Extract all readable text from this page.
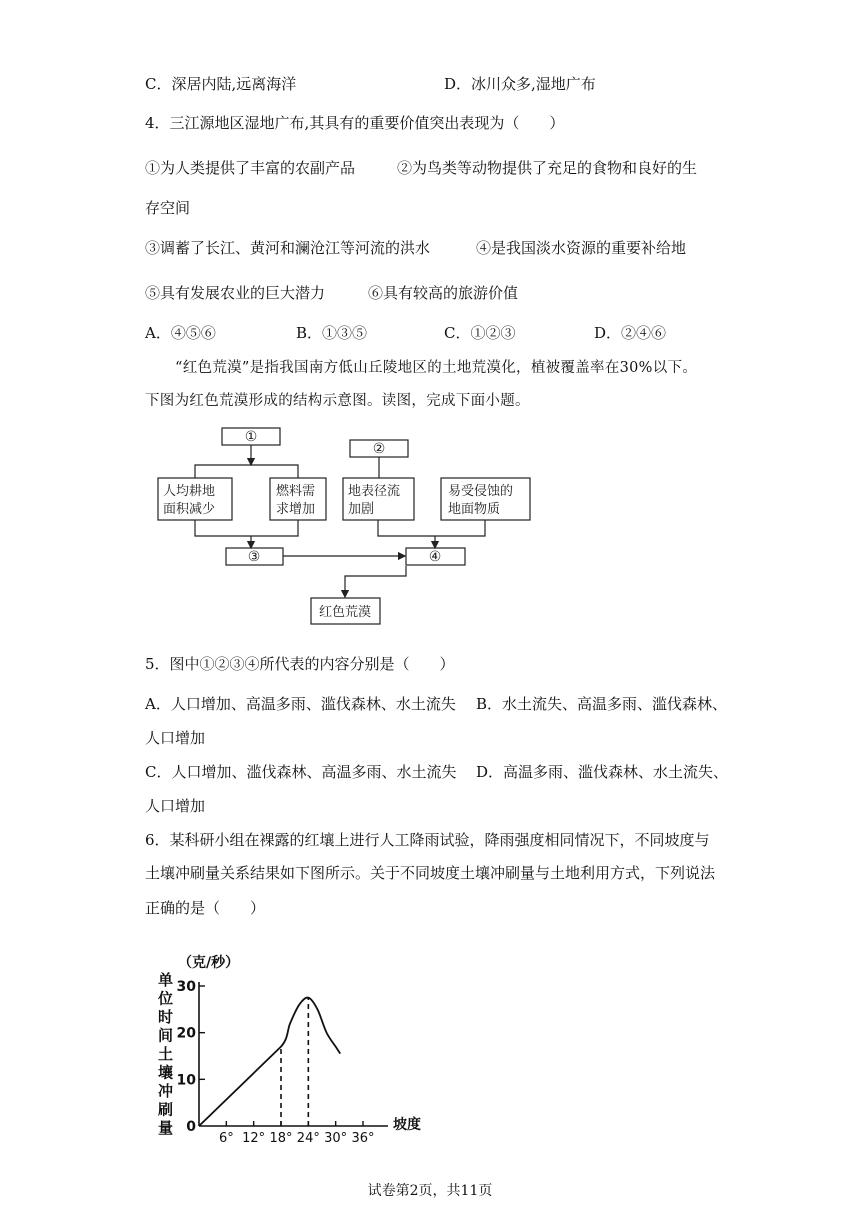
C．深居内陆,远离海洋	D．冰川众多,湿地广布
4．三江源地区湿地广布,其具有的重要价值突出表现为（　　）
①为人类提供了丰富的农副产品	②为鸟类等动物提供了充足的食物和良好的生
存空间
③调蓄了长江、黄河和澜沧江等河流的洪水	④是我国淡水资源的重要补给地
⑤具有发展农业的巨大潜力	⑥具有较高的旅游价值
A．④⑤⑥	B．①③⑤	C．①②③	D．②④⑥
“红色荒漠”是指我国南方低山丘陵地区的土地荒漠化，植被覆盖率在30%以下。
下图为红色荒漠形成的结构示意图。读图，完成下面小题。
①
②
③	④
人均耕地
面积减少
燃料需
求增加
地表径流
加剧
易受侵蚀的
地面物质
红色荒漠
5．图中①②③④所代表的内容分别是（　　）
A．人口增加、高温多雨、滥伐森林、水土流失 B．水土流失、高温多雨、滥伐森林、
人口增加
C．人口增加、滥伐森林、高温多雨、水土流失 D．高温多雨、滥伐森林、水土流失、
人口增加
6．某科研小组在裸露的红壤上进行人工降雨试验，降雨强度相同情况下，不同坡度与
土壤冲刷量关系结果如下图所示。关于不同坡度土壤冲刷量与土地利用方式，下列说法
正确的是（　　）
（克/秒）
单位时间土壤冲刷量	坡度
0
10
20
30
6° 12° 18° 24° 30° 36°
试卷第2页，共11页
